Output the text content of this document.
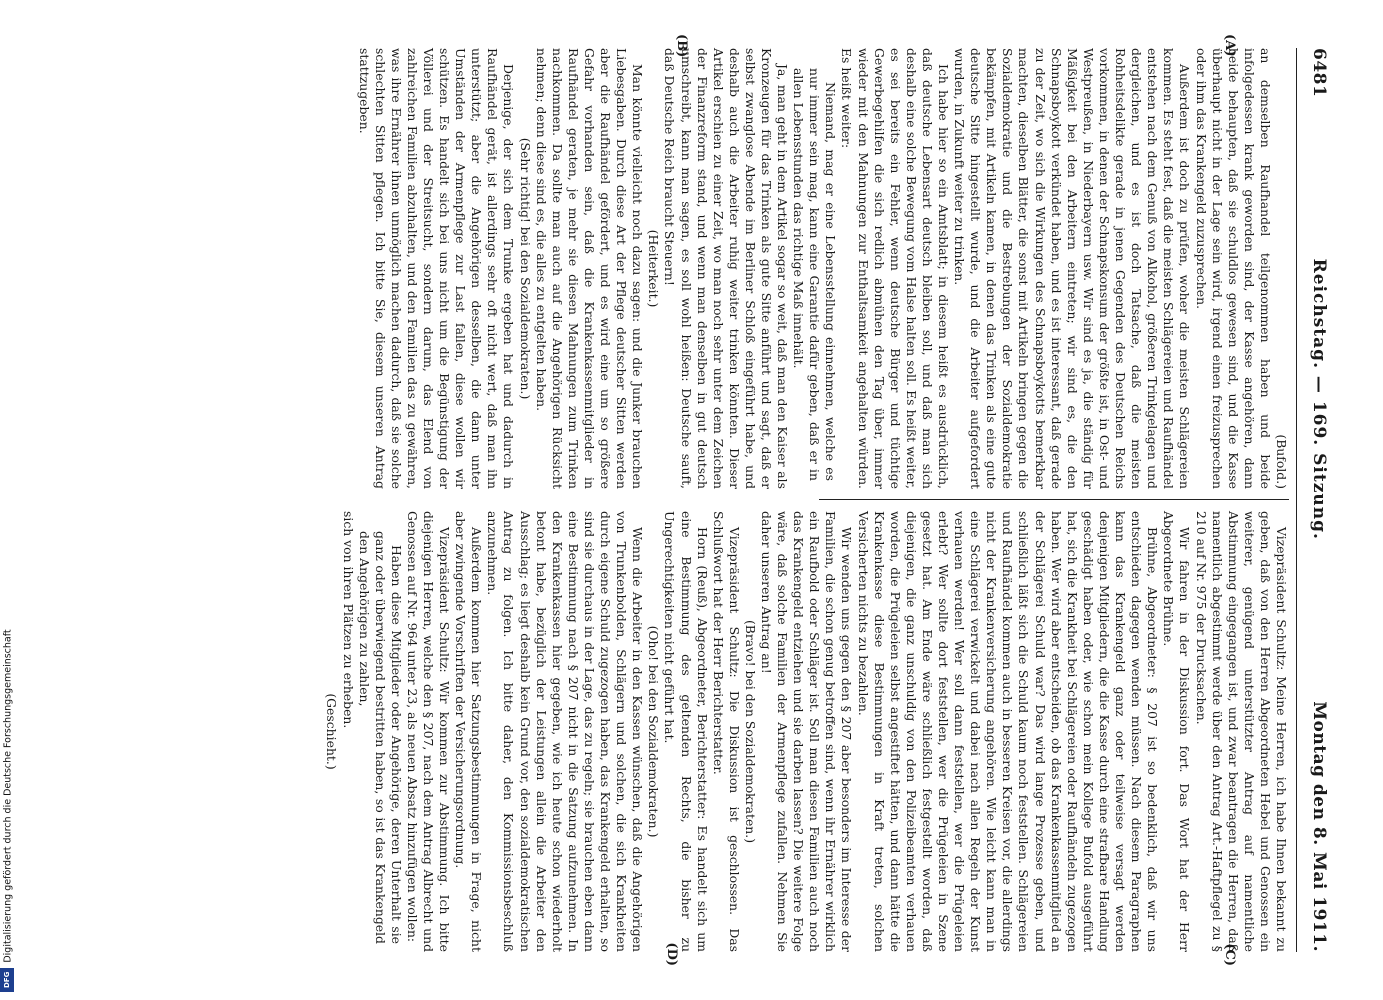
Digitalisierung gefördert durch die Deutsche Forschungsgemeinschaft
DFG
6481
Reichstag. — 169. Sitzung.
Montag den 8. Mai 1911.
(A)
(B)

(Bufold.)

an demselben Raufhandel teilgenommen haben und beide infolgedessen krank geworden sind, der Kasse angehören, dann beide behaupten, daß sie schuldlos gewesen sind, und die Kasse überhaupt nicht in der Lage sein wird, irgend einen freizusprechen oder ihm das Krankengeld zuzusprechen.

Außerdem ist doch zu prüfen, woher die meisten Schlägereien kommen. Es steht fest, daß die meisten Schlägereien und Raufhändel entstehen nach dem Genuß von Alkohol, größeren Trinkgelagen und dergleichen, und es ist doch Tatsache, daß die meisten Rohheitsdelikte gerade in jenen Gegenden des Deutschen Reichs vorkommen, in denen der Schnapskonsum der größte ist, in Ost- und Westpreußen, in Niederbayern usw. Wir sind es ja, die ständig für Mäßigkeit bei den Arbeitern eintreten; wir sind es, die den Schnapsboykott verkündet haben, und es ist interessant, daß gerade zu der Zeit, wo sich die Wirkungen des Schnapsboykotts bemerkbar machten, dieselben Blätter, die sonst mit Artikeln bringen gegen die Sozialdemokratie und die Bestrebungen der Sozialdemokratie bekämpfen, mit Artikeln kamen, in denen das Trinken als eine gute deutsche Sitte hingestellt wurde, und die Arbeiter aufgefordert wurden, in Zukunft weiter zu trinken.

Ich habe hier so ein Amtsblatt; in diesem heißt es ausdrücklich, daß deutsche Lebensart deutsch bleiben soll, und daß man sich deshalb eine solche Bewegung vom Halse halten soll. Es heißt weiter, es sei bereits ein Fehler, wenn deutsche Bürger und tüchtige Gewerbegehilfen die sich redlich abmühen den Tag über, immer wieder mit den Mahnungen zur Enthaltsamkeit angehalten würden. Es heißt weiter:

Niemand, mag er eine Lebensstellung einnehmen, welche es nur immer sein mag, kann eine Garantie dafür geben, daß er in allen Lebensstunden das richtige Maß innehält.

Ja, man geht in dem Artikel sogar so weit, daß man den Kaiser als Kronzeugen für das Trinken als gute Sitte anführt und sagt, daß er selbst zwanglose Abende im Berliner Schloß eingeführt habe, und deshalb auch die Arbeiter ruhig weiter trinken könnten. Dieser Artikel erschien zu einer Zeit, wo man noch sehr unter dem Zeichen der Finanzreform stand, und wenn man denselben in gut deutsch umschreibt, kann man sagen, es soll wohl heißen: Deutsche sauft, daß Deutsche Reich braucht Steuern!

(Heiterkeit.)

Man könnte vielleicht noch dazu sagen: und die Junker brauchen Liebesgaben. Durch diese Art der Pflege deutscher Sitten werden aber die Raufhändel gefördert, und es wird eine um so größere Gefahr vorhanden sein, daß die Krankenkassenmitglieder in Raufhändel geraten, je mehr sie diesen Mahnungen zum Trinken nachkommen. Da sollte man auch auf die Angehörigen Rücksicht nehmen; denn diese sind es, die alles zu entgelten haben.

(Sehr richtig! bei den Sozialdemokraten.)

Derjenige, der sich dem Trunke ergeben hat und dadurch in Raufhändel gerät, ist allerdings sehr oft nicht wert, daß man ihn unterstützt; aber die Angehörigen desselben, die dann unter Umständen der Armenpflege zur Last fallen, diese wollen wir schützen. Es handelt sich bei uns nicht um die Begünstigung der Völlerei und der Streitsucht, sondern darum, das Elend von zahlreichen Familien abzuhalten, und den Familien das zu gewähren, was ihre Ernährer ihnen unmöglich machen dadurch, daß sie solche schlechten Sitten pflegen. Ich bitte Sie, diesem unseren Antrag stattzugeben.

(C)
(D)

Vizepräsident Schultz: Meine Herren, ich habe Ihnen bekannt zu geben, daß von den Herren Abgeordneten Hebel und Genossen ein weiterer, genügend unterstützter Antrag auf namentliche Abstimmung eingegangen ist, und zwar beantragen die Herren, daß namentlich abgestimmt werde über den Antrag Art.-Haftpflegel zu § 210 auf Nr. 975 der Drucksachen.

Wir fahren in der Diskussion fort. Das Wort hat der Herr Abgeordnete Brühne.

Brühne, Abgeordneter: § 207 ist so bedenklich, daß wir uns entschieden dagegen wenden müssen. Nach diesem Paragraphen kann das Krankengeld ganz oder teilweise versagt werden denjenigen Mitgliedern, die die Kasse durch eine strafbare Handlung geschädigt haben oder, wie schon mein Kollege Bufold ausgeführt hat, sich die Krankheit bei Schlägereien oder Raufhändeln zugezogen haben. Wer wird aber entscheiden, ob das Krankenkassenmitglied an der Schlägerei Schuld war? Das wird lange Prozesse geben, und schließlich läßt sich die Schuld kaum noch feststellen. Schlägereien und Raufhändel kommen auch in besseren Kreisen vor, die allerdings nicht der Krankenversicherung angehören. Wie leicht kann man in eine Schlägerei verwickelt und dabei nach allen Regeln der Kunst verhauen werden! Wer soll dann feststellen, wer die Prügeleien erlebt? Wer sollte dort feststellen, wer die Prügeleien in Szene gesetzt hat. Am Ende wäre schließlich festgestellt worden, daß diejenigen, die ganz unschuldig von den Polizeibeamten verhauen worden, die Prügeleien selbst angestiftet hätten, und dann hätte die Krankenkasse diese Bestimmungen in Kraft treten, solchen Versicherten nichts zu bezahlen.

Wir wenden uns gegen den § 207 aber besonders im Interesse der Familien, die schon genug betroffen sind, wenn ihr Ernährer wirklich ein Raufbold oder Schläger ist. Soll man diesen Familien auch noch das Krankengeld entziehen und sie darben lassen? Die weitere Folge wäre, daß solche Familien der Armenpflege zufallen. Nehmen Sie daher unseren Antrag an!

(Bravo! bei den Sozialdemokraten.)

Vizepräsident Schultz: Die Diskussion ist geschlossen. Das Schlußwort hat der Herr Berichterstatter.

Horn (Reuß), Abgeordneter, Berichterstatter: Es handelt sich um eine Bestimmung des geltenden Rechts, die bisher zu Ungerechtigkeiten nicht geführt hat.

(Oho! bei den Sozialdemokraten.)

Wenn die Arbeiter in den Kassen wünschen, daß die Angehörigen von Trunkenbolden, Schlägern und solchen, die sich Krankheiten durch eigene Schuld zugezogen haben, das Krankengeld erhalten, so sind sie durchaus in der Lage, das zu regeln; sie brauchen eben dann eine Bestimmung nach § 207 nicht in die Satzung aufzunehmen. In den Krankenkassen hier gegeben, wie ich heute schon wiederholt betont habe, bezüglich der Leistungen allein die Arbeiter den Ausschlag; es liegt deshalb kein Grund vor, den sozialdemokratischen Antrag zu folgen. Ich bitte daher, den Kommissionsbeschluß anzunehmen.

Außerdem kommen hier Satzungsbestimmungen in Frage, nicht aber zwingende Vorschriften der Versicherungsordnung.

Vizepräsident Schultz: Wir kommen zur Abstimmung. Ich bitte diejenigen Herren, welche den § 207, nach dem Antrag Albrecht und Genossen auf Nr. 964 unter 23, als neuen Absatz hinzufügen wollen:

Haben diese Mitglieder oder Angehörige, deren Unterhalt sie ganz oder überwiegend bestritten haben, so ist das Krankengeld den Angehörigen zu zahlen,

sich von ihren Plätzen zu erheben.

(Geschieht.)
